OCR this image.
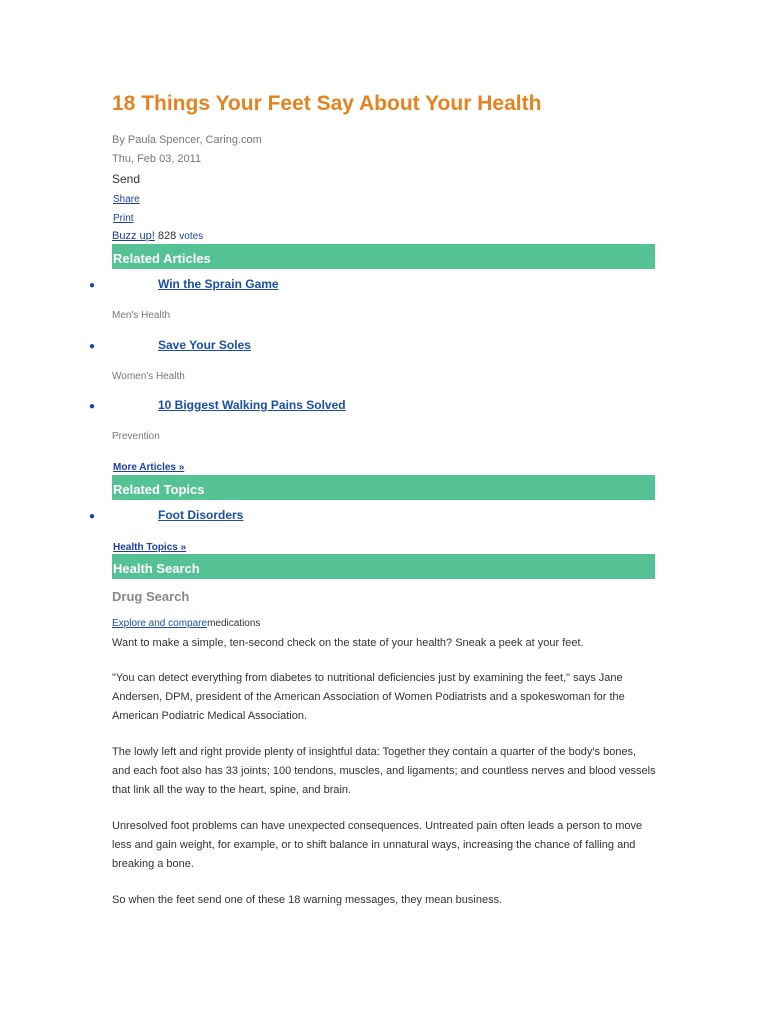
18 Things Your Feet Say About Your Health
By Paula Spencer, Caring.com
Thu, Feb 03, 2011
Send
Share
Print
Buzz up! 828 votes
Related Articles
●	Win the Sprain Game
Men's Health
●	Save Your Soles
Women's Health
●	10 Biggest Walking Pains Solved
Prevention
More Articles »
Related Topics
●	Foot Disorders
Health Topics »
Health Search
Drug Search
Explore and comparemedications

Want to make a simple, ten-second check on the state of your health? Sneak a peek at your feet.

"You can detect everything from diabetes to nutritional deficiencies just by examining the feet," says Jane Andersen, DPM, president of the American Association of Women Podiatrists and a spokeswoman for the American Podiatric Medical Association.

The lowly left and right provide plenty of insightful data: Together they contain a quarter of the body's bones, and each foot also has 33 joints; 100 tendons, muscles, and ligaments; and countless nerves and blood vessels that link all the way to the heart, spine, and brain.

Unresolved foot problems can have unexpected consequences. Untreated pain often leads a person to move less and gain weight, for example, or to shift balance in unnatural ways, increasing the chance of falling and breaking a bone.

So when the feet send one of these 18 warning messages, they mean business.
